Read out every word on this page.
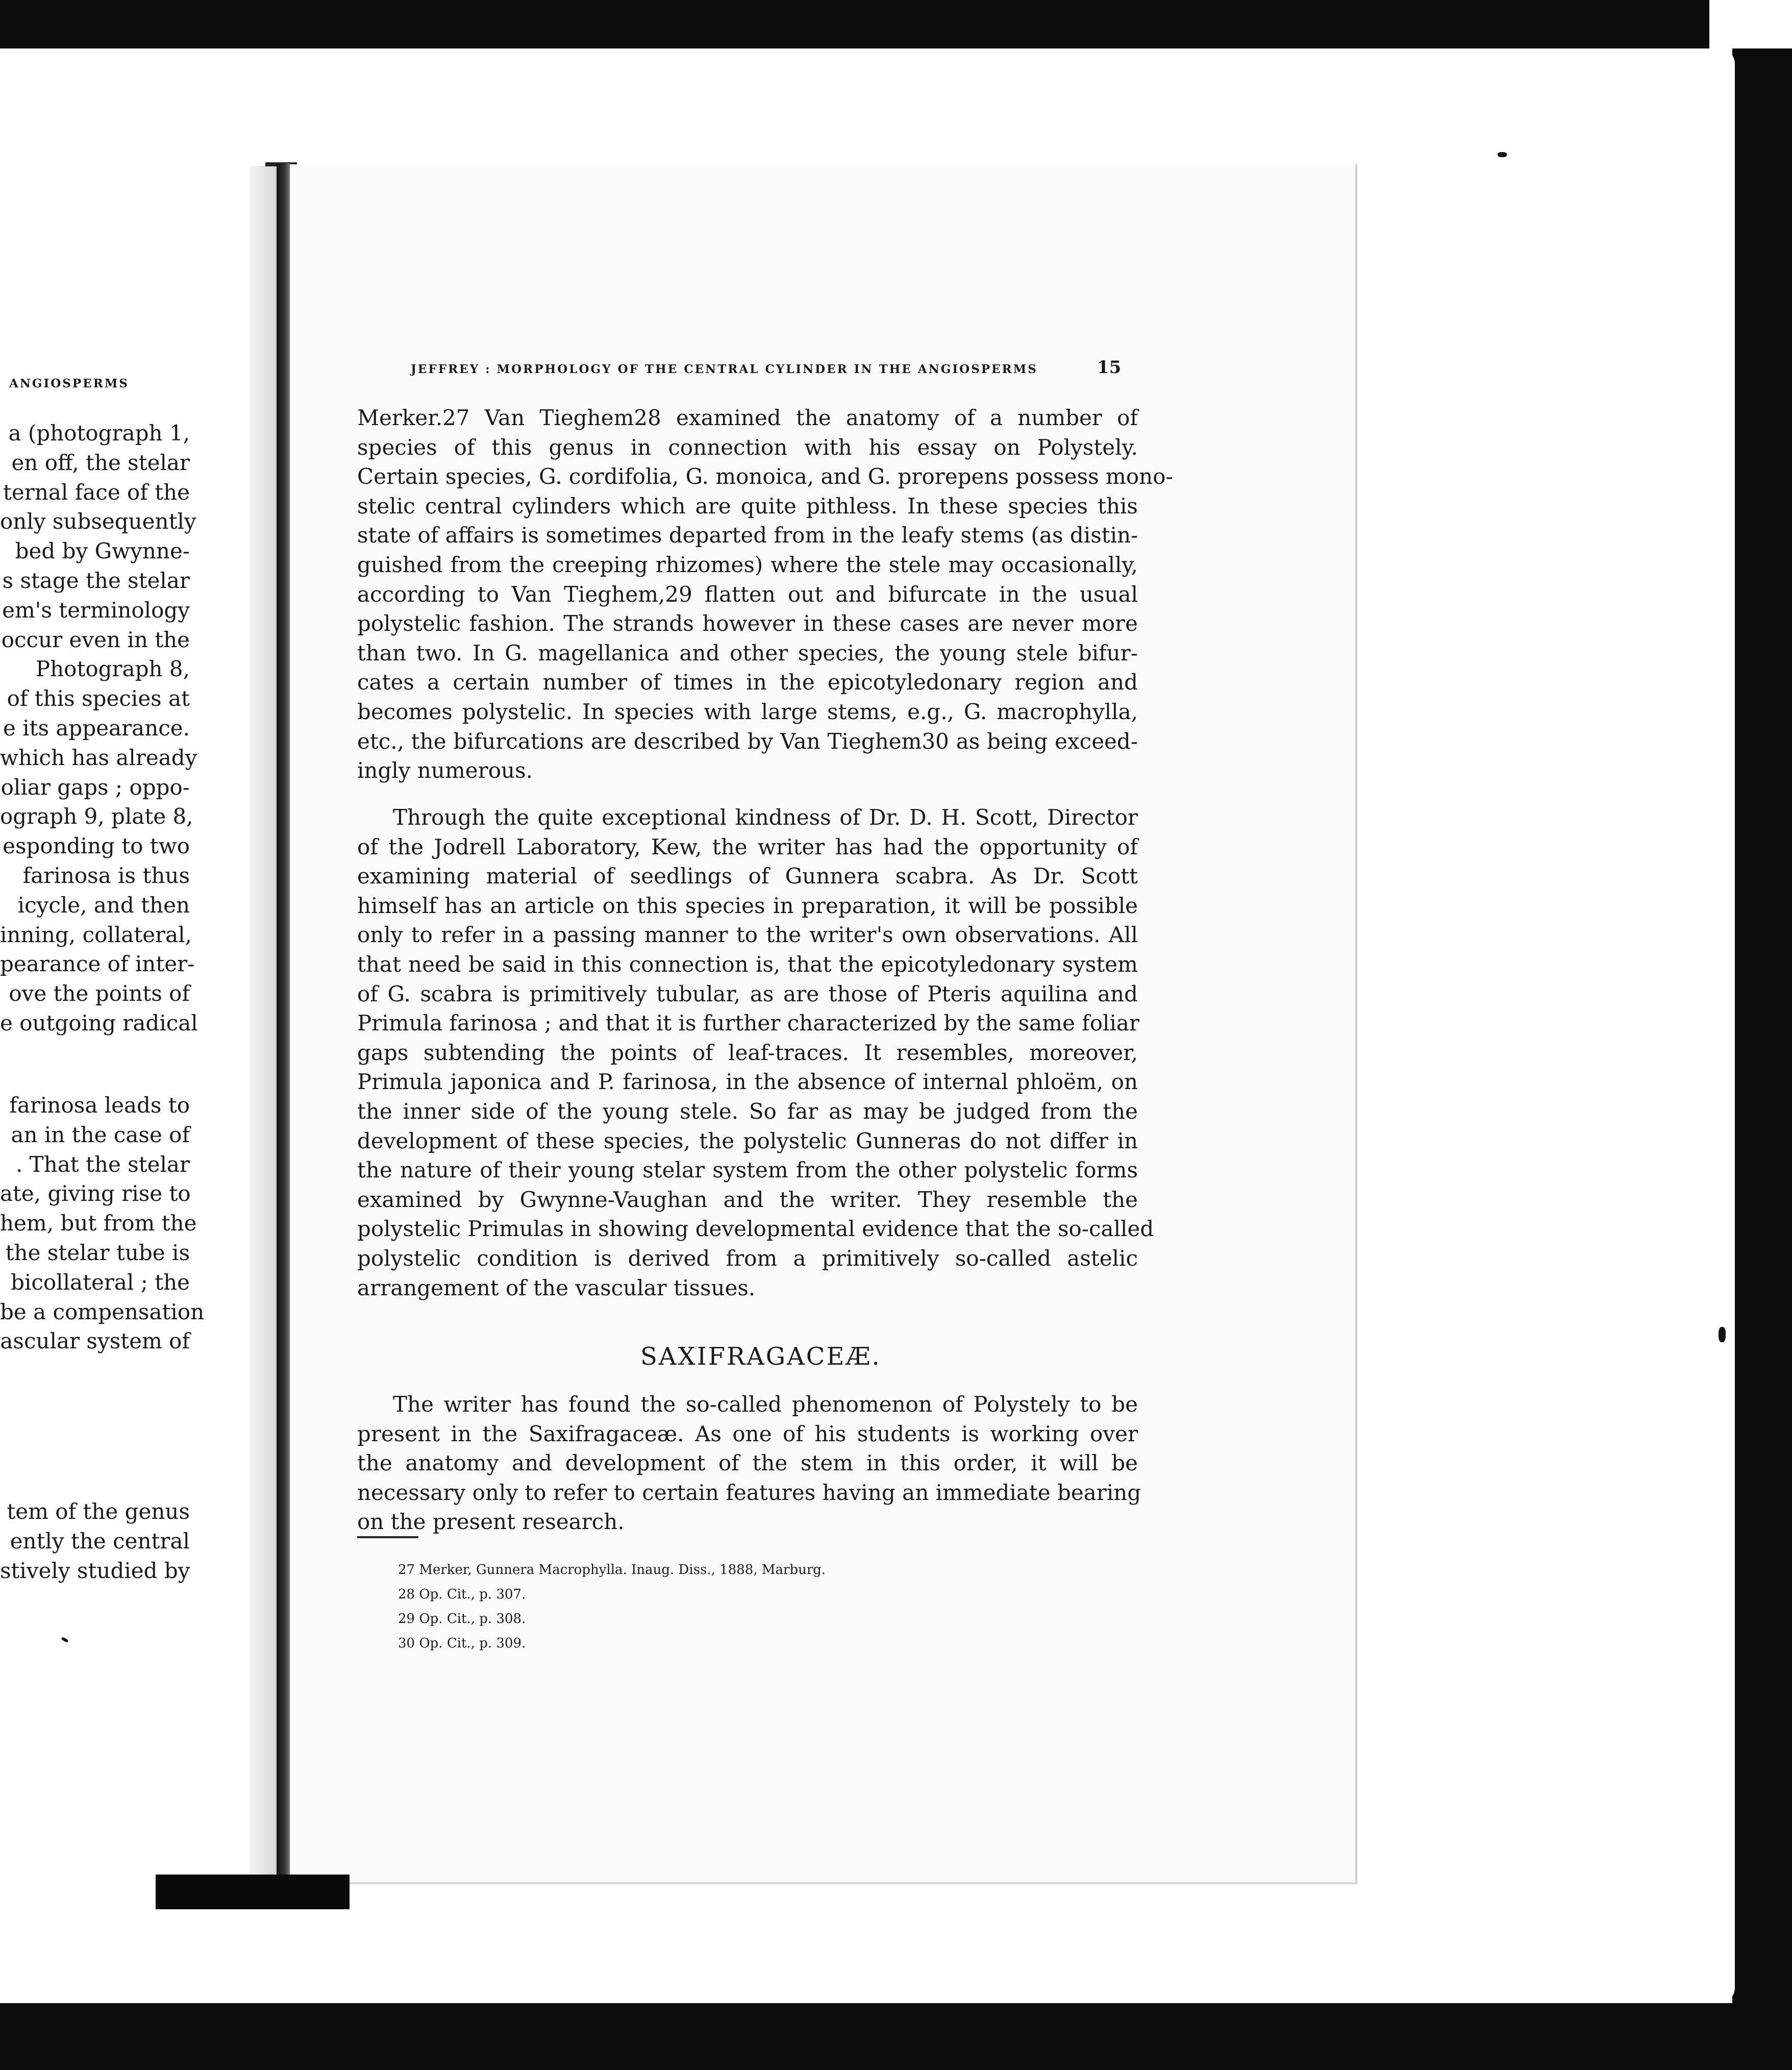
ANGIOSPERMS
a (photograph 1,
en off, the stelar
ternal face of the
only subsequently
bed by Gwynne-
s stage the stelar
em's terminology
occur even in the
Photograph 8,
of this species at
e its appearance.
which has already
oliar gaps ; oppo-
ograph 9, plate 8,
esponding to two
farinosa is thus
icycle, and then
inning, collateral,
pearance of inter-
ove the points of
e outgoing radical
farinosa leads to
an in the case of
. That the stelar
ate, giving rise to
hem, but from the
the stelar tube is
bicollateral ; the
be a compensation
ascular system of
tem of the genus
ently the central
stively studied by
JEFFREY : MORPHOLOGY OF THE CENTRAL CYLINDER IN THE ANGIOSPERMS	15
Merker.27 Van Tieghem28 examined the anatomy of a number of
species of this genus in connection with his essay on Polystely.
Certain species, G. cordifolia, G. monoica, and G. prorepens possess mono-
stelic central cylinders which are quite pithless. In these species this
state of affairs is sometimes departed from in the leafy stems (as distin-
guished from the creeping rhizomes) where the stele may occasionally,
according to Van Tieghem,29 flatten out and bifurcate in the usual
polystelic fashion. The strands however in these cases are never more
than two. In G. magellanica and other species, the young stele bifur-
cates a certain number of times in the epicotyledonary region and
becomes polystelic. In species with large stems, e.g., G. macrophylla,
etc., the bifurcations are described by Van Tieghem30 as being exceed-
ingly numerous.
Through the quite exceptional kindness of Dr. D. H. Scott, Director
of the Jodrell Laboratory, Kew, the writer has had the opportunity of
examining material of seedlings of Gunnera scabra. As Dr. Scott
himself has an article on this species in preparation, it will be possible
only to refer in a passing manner to the writer's own observations. All
that need be said in this connection is, that the epicotyledonary system
of G. scabra is primitively tubular, as are those of Pteris aquilina and
Primula farinosa ; and that it is further characterized by the same foliar
gaps subtending the points of leaf-traces. It resembles, moreover,
Primula japonica and P. farinosa, in the absence of internal phloëm, on
the inner side of the young stele. So far as may be judged from the
development of these species, the polystelic Gunneras do not differ in
the nature of their young stelar system from the other polystelic forms
examined by Gwynne-Vaughan and the writer. They resemble the
polystelic Primulas in showing developmental evidence that the so-called
polystelic condition is derived from a primitively so-called astelic
arrangement of the vascular tissues.
SAXIFRAGACEÆ.
The writer has found the so-called phenomenon of Polystely to be
present in the Saxifragaceæ. As one of his students is working over
the anatomy and development of the stem in this order, it will be
necessary only to refer to certain features having an immediate bearing
on the present research.
27 Merker, Gunnera Macrophylla. Inaug. Diss., 1888, Marburg.
28 Op. Cit., p. 307.
29 Op. Cit., p. 308.
30 Op. Cit., p. 309.
